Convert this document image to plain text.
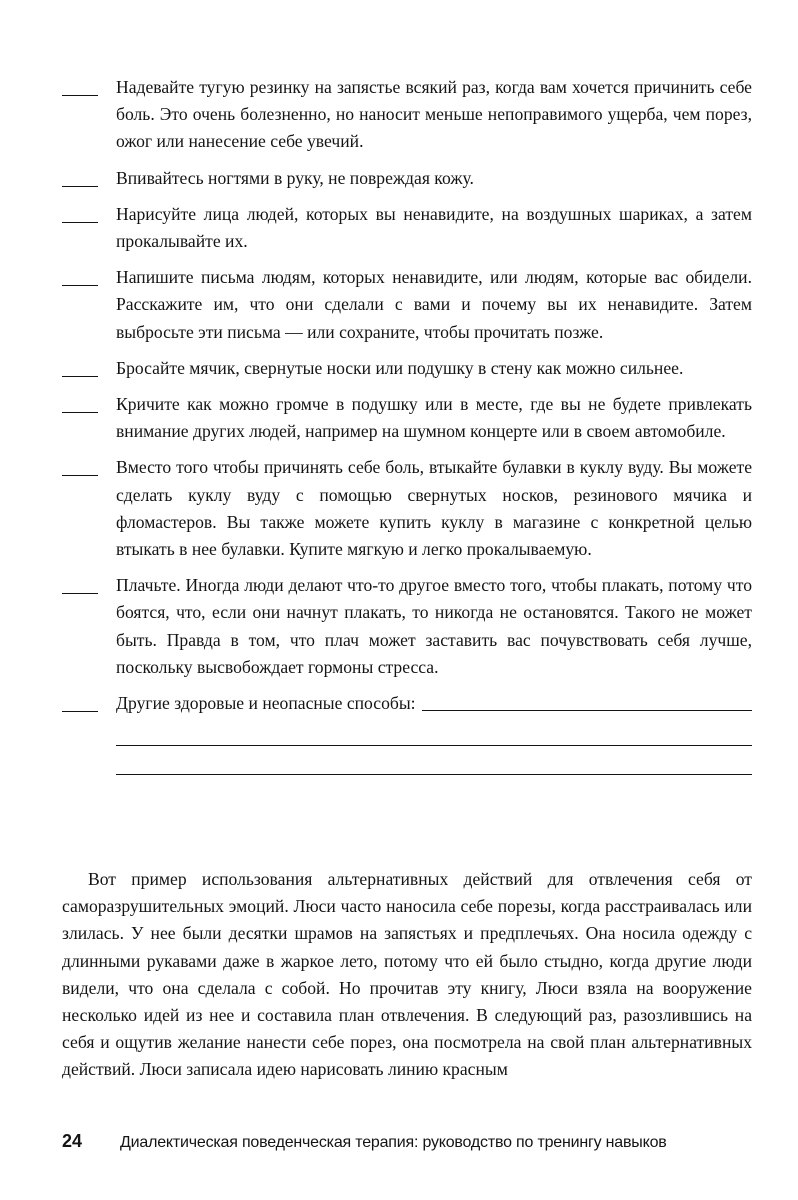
Надевайте тугую резинку на запястье всякий раз, когда вам хочется причинить себе боль. Это очень болезненно, но наносит меньше непоправимого ущерба, чем порез, ожог или нанесение себе увечий.
Впивайтесь ногтями в руку, не повреждая кожу.
Нарисуйте лица людей, которых вы ненавидите, на воздушных шариках, а затем прокалывайте их.
Напишите письма людям, которых ненавидите, или людям, которые вас обидели. Расскажите им, что они сделали с вами и почему вы их ненавидите. Затем выбросьте эти письма — или сохраните, чтобы прочитать позже.
Бросайте мячик, свернутые носки или подушку в стену как можно сильнее.
Кричите как можно громче в подушку или в месте, где вы не будете привлекать внимание других людей, например на шумном концерте или в своем автомобиле.
Вместо того чтобы причинять себе боль, втыкайте булавки в куклу вуду. Вы можете сделать куклу вуду с помощью свернутых носков, резинового мячика и фломастеров. Вы также можете купить куклу в магазине с конкретной целью втыкать в нее булавки. Купите мягкую и легко прокалываемую.
Плачьте. Иногда люди делают что-то другое вместо того, чтобы плакать, потому что боятся, что, если они начнут плакать, то никогда не остановятся. Такого не может быть. Правда в том, что плач может заставить вас почувствовать себя лучше, поскольку высвобождает гормоны стресса.
Другие здоровые и неопасные способы:

Вот пример использования альтернативных действий для отвлечения себя от саморазрушительных эмоций. Люси часто наносила себе порезы, когда расстраивалась или злилась. У нее были десятки шрамов на запястьях и предплечьях. Она носила одежду с длинными рукавами даже в жаркое лето, потому что ей было стыдно, когда другие люди видели, что она сделала с собой. Но прочитав эту книгу, Люси взяла на вооружение несколько идей из нее и составила план отвлечения. В следующий раз, разозлившись на себя и ощутив желание нанести себе порез, она посмотрела на свой план альтернативных действий. Люси записала идею нарисовать линию красным

24	Диалектическая поведенческая терапия: руководство по тренингу навыков
